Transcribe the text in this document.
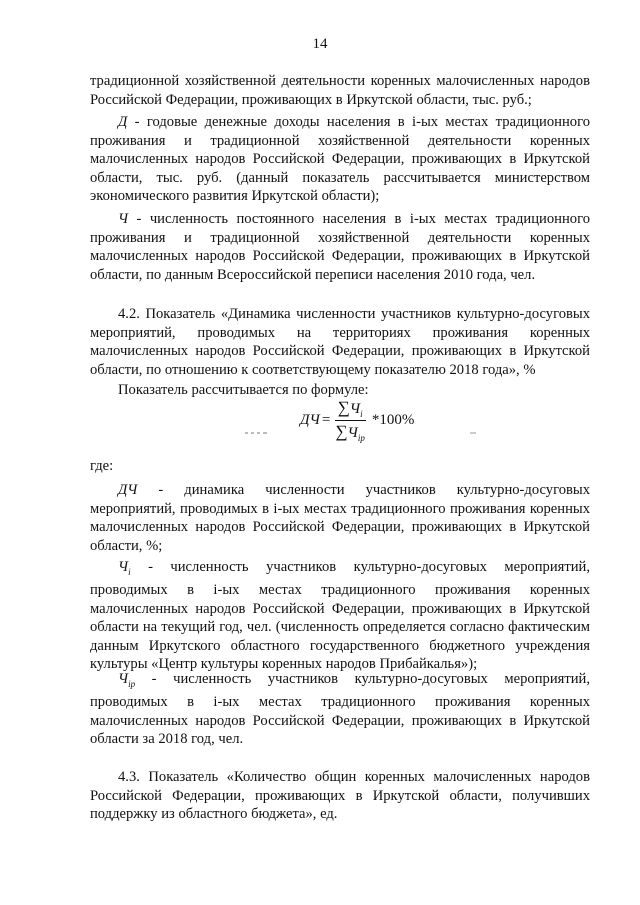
14

традиционной хозяйственной деятельности коренных малочисленных народов Российской Федерации, проживающих в Иркутской области, тыс. руб.;

Д - годовые денежные доходы населения в i-ых местах традиционного проживания и традиционной хозяйственной деятельности коренных малочисленных народов Российской Федерации, проживающих в Иркутской области, тыс. руб. (данный показатель рассчитывается министерством экономического развития Иркутской области);

Ч - численность постоянного населения в i-ых местах традиционного проживания и традиционной хозяйственной деятельности коренных малочисленных народов Российской Федерации, проживающих в Иркутской области, по данным Всероссийской переписи населения 2010 года, чел.

4.2. Показатель «Динамика численности участников культурно-досуговых мероприятий, проводимых на территориях проживания коренных малочисленных народов Российской Федерации, проживающих в Иркутской области, по отношению к соответствующему показателю 2018 года», %

Показатель рассчитывается по формуле:

ДЧ = $\frac{\sum Ч_i}{\sum Ч_{ip}} *100\%$

где:

ДЧ - динамика численности участников культурно-досуговых мероприятий, проводимых в i-ых местах традиционного проживания коренных малочисленных народов Российской Федерации, проживающих в Иркутской области, %;

$Ч_i$ - численность участников культурно-досуговых мероприятий, проводимых в i-ых местах традиционного проживания коренных малочисленных народов Российской Федерации, проживающих в Иркутской области на текущий год, чел. (численность определяется согласно фактическим данным Иркутского областного государственного бюджетного учреждения культуры «Центр культуры коренных народов Прибайкалья»);

$Ч_{ip}$ - численность участников культурно-досуговых мероприятий, проводимых в i-ых местах традиционного проживания коренных малочисленных народов Российской Федерации, проживающих в Иркутской области за 2018 год, чел.

4.3. Показатель «Количество общин коренных малочисленных народов Российской Федерации, проживающих в Иркутской области, получивших поддержку из областного бюджета», ед.
